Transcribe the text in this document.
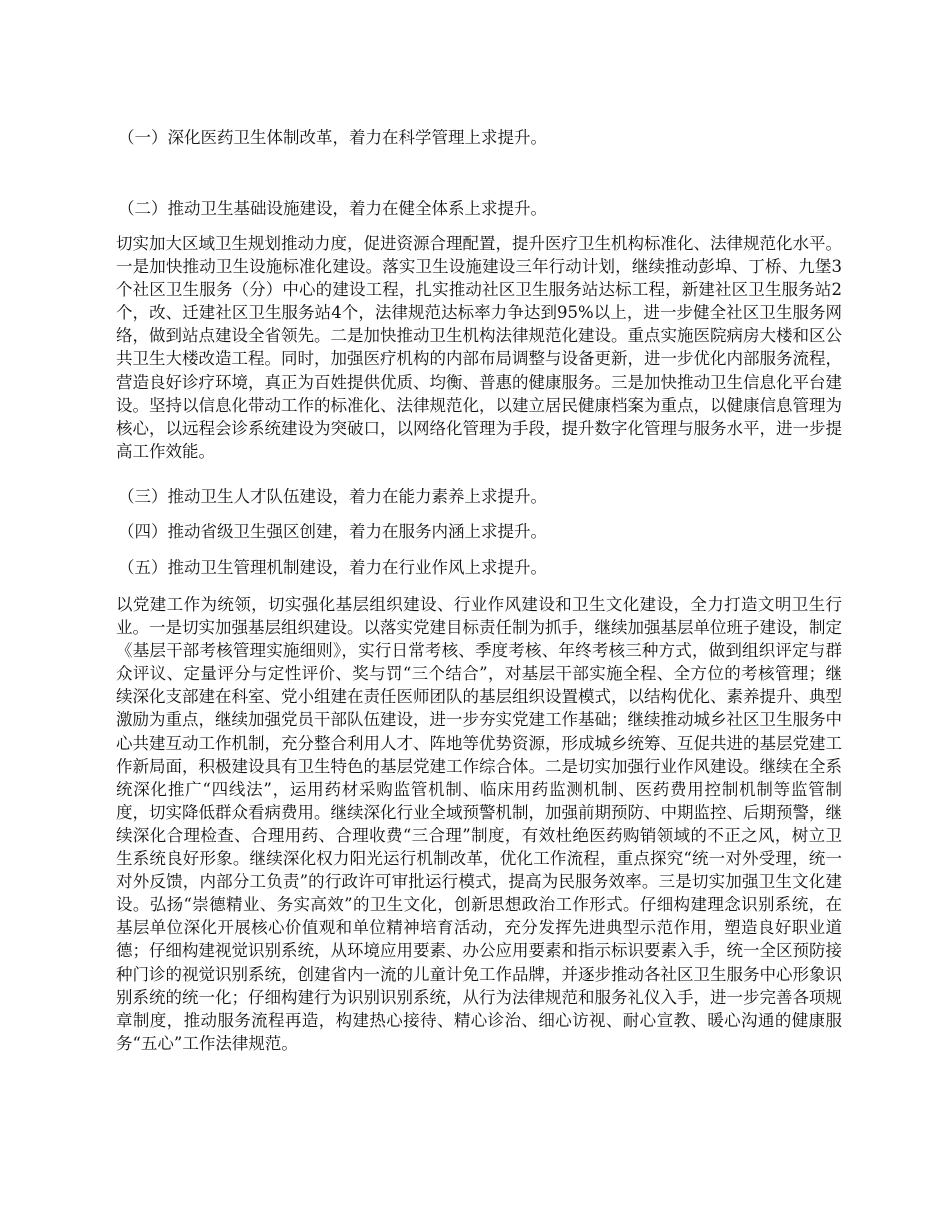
（一）深化医药卫生体制改革，着力在科学管理上求提升。

（二）推动卫生基础设施建设，着力在健全体系上求提升。

切实加大区域卫生规划推动力度，促进资源合理配置，提升医疗卫生机构标准化、法律规范化水平。一是加快推动卫生设施标准化建设。落实卫生设施建设三年行动计划，继续推动彭埠、丁桥、九堡3个社区卫生服务（分）中心的建设工程，扎实推动社区卫生服务站达标工程，新建社区卫生服务站2个，改、迁建社区卫生服务站4个，法律规范达标率力争达到95%以上，进一步健全社区卫生服务网络，做到站点建设全省领先。二是加快推动卫生机构法律规范化建设。重点实施医院病房大楼和区公共卫生大楼改造工程。同时，加强医疗机构的内部布局调整与设备更新，进一步优化内部服务流程，营造良好诊疗环境，真正为百姓提供优质、均衡、普惠的健康服务。三是加快推动卫生信息化平台建设。坚持以信息化带动工作的标准化、法律规范化，以建立居民健康档案为重点，以健康信息管理为核心，以远程会诊系统建设为突破口，以网络化管理为手段，提升数字化管理与服务水平，进一步提高工作效能。

（三）推动卫生人才队伍建设，着力在能力素养上求提升。

（四）推动省级卫生强区创建，着力在服务内涵上求提升。

（五）推动卫生管理机制建设，着力在行业作风上求提升。

以党建工作为统领，切实强化基层组织建设、行业作风建设和卫生文化建设，全力打造文明卫生行业。一是切实加强基层组织建设。以落实党建目标责任制为抓手，继续加强基层单位班子建设，制定《基层干部考核管理实施细则》，实行日常考核、季度考核、年终考核三种方式，做到组织评定与群众评议、定量评分与定性评价、奖与罚“三个结合”，对基层干部实施全程、全方位的考核管理；继续深化支部建在科室、党小组建在责任医师团队的基层组织设置模式，以结构优化、素养提升、典型激励为重点，继续加强党员干部队伍建设，进一步夯实党建工作基础；继续推动城乡社区卫生服务中心共建互动工作机制，充分整合利用人才、阵地等优势资源，形成城乡统筹、互促共进的基层党建工作新局面，积极建设具有卫生特色的基层党建工作综合体。二是切实加强行业作风建设。继续在全系统深化推广“四线法”，运用药材采购监管机制、临床用药监测机制、医药费用控制机制等监管制度，切实降低群众看病费用。继续深化行业全域预警机制，加强前期预防、中期监控、后期预警，继续深化合理检查、合理用药、合理收费“三合理”制度，有效杜绝医药购销领域的不正之风，树立卫生系统良好形象。继续深化权力阳光运行机制改革，优化工作流程，重点探究“统一对外受理，统一对外反馈，内部分工负责”的行政许可审批运行模式，提高为民服务效率。三是切实加强卫生文化建设。弘扬“崇德精业、务实高效”的卫生文化，创新思想政治工作形式。仔细构建理念识别系统，在基层单位深化开展核心价值观和单位精神培育活动，充分发挥先进典型示范作用，塑造良好职业道德；仔细构建视觉识别系统，从环境应用要素、办公应用要素和指示标识要素入手，统一全区预防接种门诊的视觉识别系统，创建省内一流的儿童计免工作品牌，并逐步推动各社区卫生服务中心形象识别系统的统一化；仔细构建行为识别识别系统，从行为法律规范和服务礼仪入手，进一步完善各项规章制度，推动服务流程再造，构建热心接待、精心诊治、细心访视、耐心宣教、暖心沟通的健康服务“五心”工作法律规范。
